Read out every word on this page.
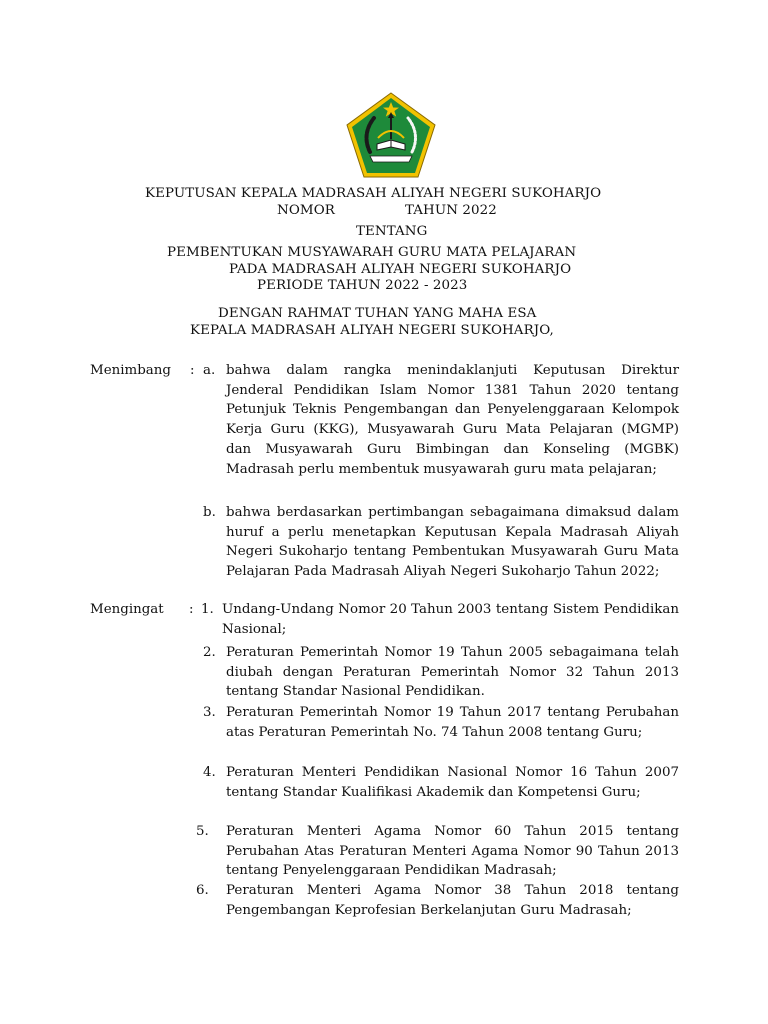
KEPUTUSAN KEPALA MADRASAH ALIYAH NEGERI SUKOHARJO
NOMOR	TAHUN 2022
TENTANG
PEMBENTUKAN MUSYAWARAH GURU MATA PELAJARAN
PADA MADRASAH ALIYAH NEGERI SUKOHARJO
PERIODE TAHUN 2022 - 2023
DENGAN RAHMAT TUHAN YANG MAHA ESA
KEPALA MADRASAH ALIYAH NEGERI SUKOHARJO,
Menimbang : a. bahwa dalam rangka menindaklanjuti Keputusan Direktur Jenderal Pendidikan Islam Nomor 1381 Tahun 2020 tentang Petunjuk Teknis Pengembangan dan Penyelenggaraan Kelompok Kerja Guru (KKG), Musyawarah Guru Mata Pelajaran (MGMP) dan Musyawarah Guru Bimbingan dan Konseling (MGBK) Madrasah perlu membentuk musyawarah guru mata pelajaran;
b. bahwa berdasarkan pertimbangan sebagaimana dimaksud dalam huruf a perlu menetapkan Keputusan Kepala Madrasah Aliyah Negeri Sukoharjo tentang Pembentukan Musyawarah Guru Mata Pelajaran Pada Madrasah Aliyah Negeri Sukoharjo Tahun 2022;
Mengingat : 1. Undang-Undang Nomor 20 Tahun 2003 tentang Sistem Pendidikan Nasional;
2. Peraturan Pemerintah Nomor 19 Tahun 2005 sebagaimana telah diubah dengan Peraturan Pemerintah Nomor 32 Tahun 2013 tentang Standar Nasional Pendidikan.
3. Peraturan Pemerintah Nomor 19 Tahun 2017 tentang Perubahan atas Peraturan Pemerintah No. 74 Tahun 2008 tentang Guru;
4. Peraturan Menteri Pendidikan Nasional Nomor 16 Tahun 2007 tentang Standar Kualifikasi Akademik dan Kompetensi Guru;
5. Peraturan Menteri Agama Nomor 60 Tahun 2015 tentang Perubahan Atas Peraturan Menteri Agama Nomor 90 Tahun 2013 tentang Penyelenggaraan Pendidikan Madrasah;
6. Peraturan Menteri Agama Nomor 38 Tahun 2018 tentang Pengembangan Keprofesian Berkelanjutan Guru Madrasah;
